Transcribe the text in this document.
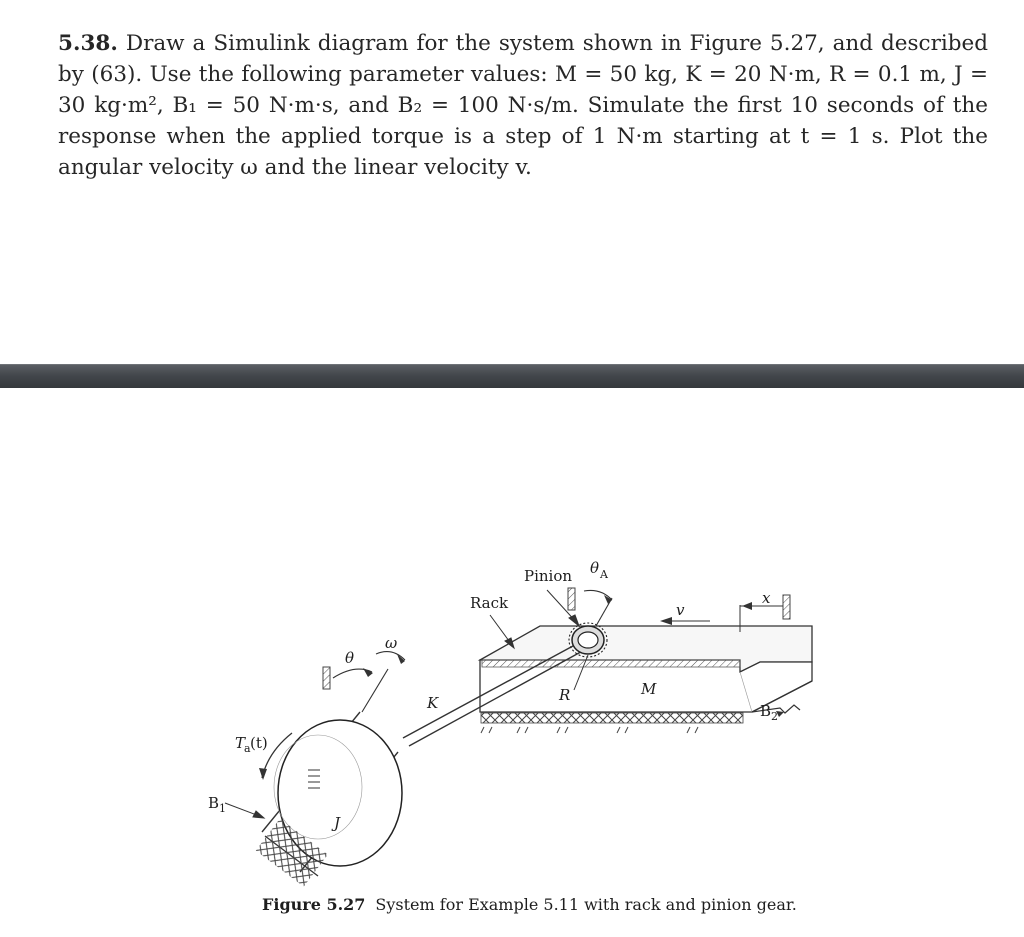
5.38. Draw a Simulink diagram for the system shown in Figure 5.27, and described by (63). Use the following parameter values: M = 50 kg, K = 20 N·m, R = 0.1 m, J = 30 kg·m², B₁ = 50 N·m·s, and B₂ = 100 N·s/m. Simulate the first 10 seconds of the response when the applied torque is a step of 1 N·m starting at t = 1 s. Plot the angular velocity ω and the linear velocity v.

Pinion θ A
Rack	v
x
ω
θ
M
K	R
B 2
T
a (t)
B 1
J
Figure 5.27 System for Example 5.11 with rack and pinion gear.
